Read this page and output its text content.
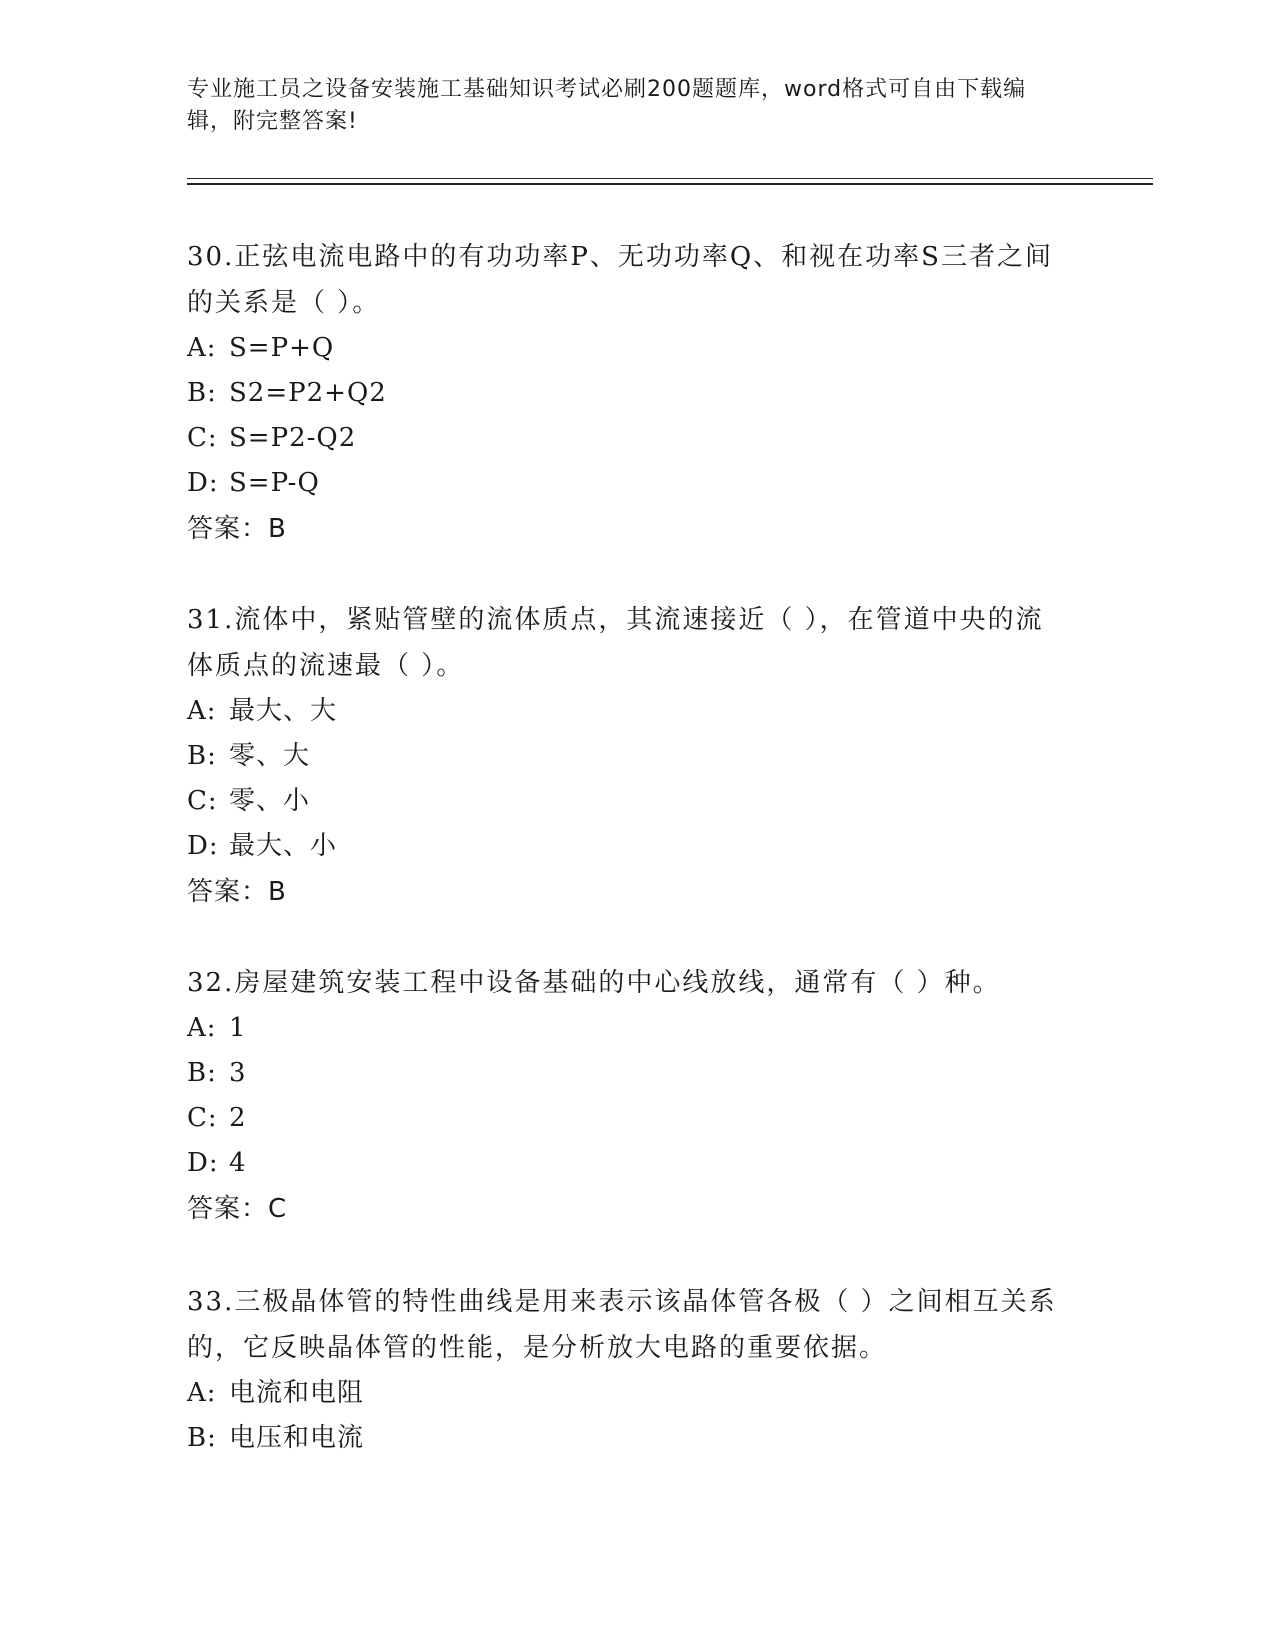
专业施工员之设备安装施工基础知识考试必刷200题题库，word格式可自由下载编辑，附完整答案!

30.正弦电流电路中的有功功率P、无功功率Q、和视在功率S三者之间的关系是（ ）。

A: S=P+Q

B: S2=P2+Q2

C: S=P2-Q2

D: S=P-Q

答案：B

31.流体中，紧贴管壁的流体质点，其流速接近（ ），在管道中央的流体质点的流速最（ ）。

A: 最大、大

B: 零、大

C: 零、小

D: 最大、小

答案：B

32.房屋建筑安装工程中设备基础的中心线放线，通常有（ ）种。

A: 1

B: 3

C: 2

D: 4

答案：C

33.三极晶体管的特性曲线是用来表示该晶体管各极（ ）之间相互关系的，它反映晶体管的性能，是分析放大电路的重要依据。

A: 电流和电阻

B: 电压和电流
